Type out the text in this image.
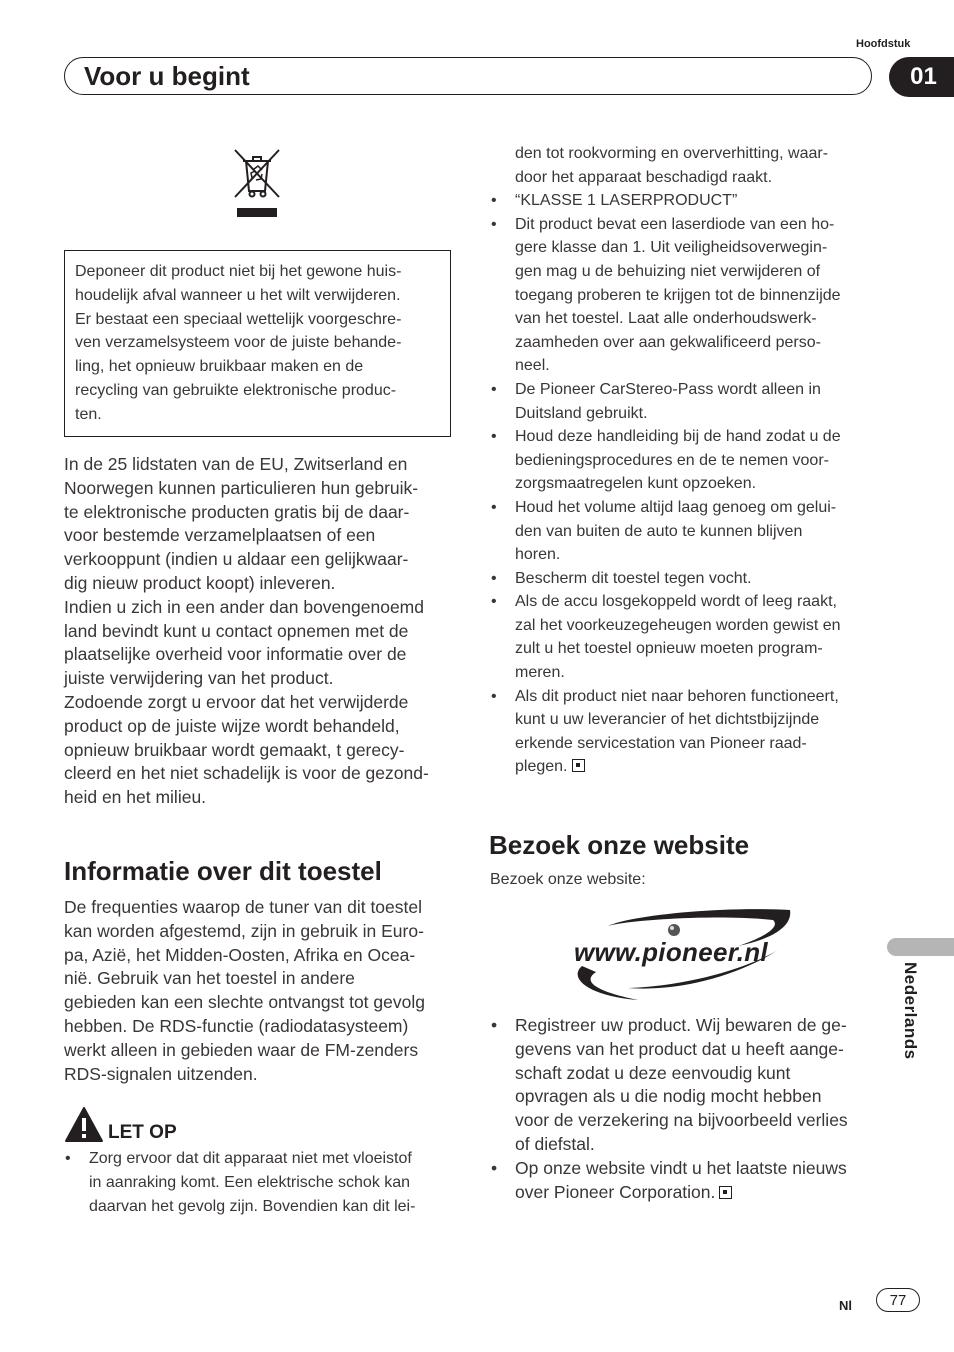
Hoofdstuk
Voor u begint	01
Nederlands

Deponeer dit product niet bij het gewone huis-

houdelijk afval wanneer u het wilt verwijderen.

Er bestaat een speciaal wettelijk voorgeschre-

ven verzamelsysteem voor de juiste behande-

ling, het opnieuw bruikbaar maken en de

recycling van gebruikte elektronische produc-

ten.

In de 25 lidstaten van de EU, Zwitserland en

Noorwegen kunnen particulieren hun gebruik-

te elektronische producten gratis bij de daar-

voor bestemde verzamelplaatsen of een

verkooppunt (indien u aldaar een gelijkwaar-

dig nieuw product koopt) inleveren.

Indien u zich in een ander dan bovengenoemd

land bevindt kunt u contact opnemen met de

plaatselijke overheid voor informatie over de

juiste verwijdering van het product.

Zodoende zorgt u ervoor dat het verwijderde

product op de juiste wijze wordt behandeld,

opnieuw bruikbaar wordt gemaakt, t gerecy-

cleerd en het niet schadelijk is voor de gezond-

heid en het milieu.

Informatie over dit toestel

De frequenties waarop de tuner van dit toestel

kan worden afgestemd, zijn in gebruik in Euro-

pa, Azië, het Midden-Oosten, Afrika en Ocea-

nië. Gebruik van het toestel in andere

gebieden kan een slechte ontvangst tot gevolg

hebben. De RDS-functie (radiodatasysteem)

werkt alleen in gebieden waar de FM-zenders

RDS-signalen uitzenden.

LET OP
• Zorg ervoor dat dit apparaat niet met vloeistof
in aanraking komt. Een elektrische schok kan
daarvan het gevolg zijn. Bovendien kan dit lei-
den tot rookvorming en oververhitting, waar-
door het apparaat beschadigd raakt.
• “KLASSE 1 LASERPRODUCT”
• Dit product bevat een laserdiode van een ho-
gere klasse dan 1. Uit veiligheidsoverwegin-
gen mag u de behuizing niet verwijderen of
toegang proberen te krijgen tot de binnenzijde
van het toestel. Laat alle onderhoudswerk-
zaamheden over aan gekwalificeerd perso-
neel.
• De Pioneer CarStereo-Pass wordt alleen in
Duitsland gebruikt.
• Houd deze handleiding bij de hand zodat u de
bedieningsprocedures en de te nemen voor-
zorgsmaatregelen kunt opzoeken.
• Houd het volume altijd laag genoeg om gelui-
den van buiten de auto te kunnen blijven
horen.
• Bescherm dit toestel tegen vocht.
• Als de accu losgekoppeld wordt of leeg raakt,
zal het voorkeuzegeheugen worden gewist en
zult u het toestel opnieuw moeten program-
meren.
• Als dit product niet naar behoren functioneert,
kunt u uw leverancier of het dichtstbijzijnde
erkende servicestation van Pioneer raad-
plegen.
Bezoek onze website
Bezoek onze website:
www.pioneer.nl
• Registreer uw product. Wij bewaren de ge-
gevens van het product dat u heeft aange-
schaft zodat u deze eenvoudig kunt
opvragen als u die nodig mocht hebben
voor de verzekering na bijvoorbeeld verlies
of diefstal.
• Op onze website vindt u het laatste nieuws
over Pioneer Corporation.
Nl	77
